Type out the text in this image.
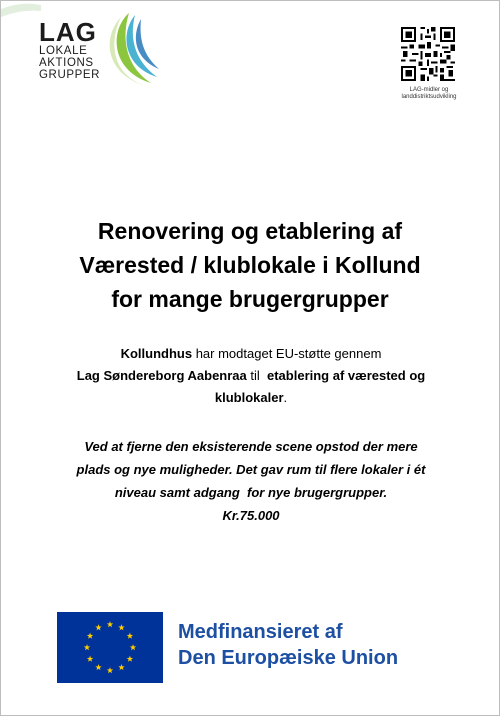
LAG
LOKALE
AKTIONS
GRUPPER
LAG-midler og
landdistriktsudvikling
Renovering og etablering af
Værested / klublokale i Kollund
for mange brugergrupper

Kollundhus har modtaget EU-støtte gennem
Lag Søndereborg Aabenraa til  etablering af værested og
klublokaler.

Ved at fjerne den eksisterende scene opstod der mere
plads og nye muligheder. Det gav rum til flere lokaler i ét
niveau samt adgang  for nye brugergrupper.
Kr.75.000

Medfinansieret af
Den Europæiske Union
